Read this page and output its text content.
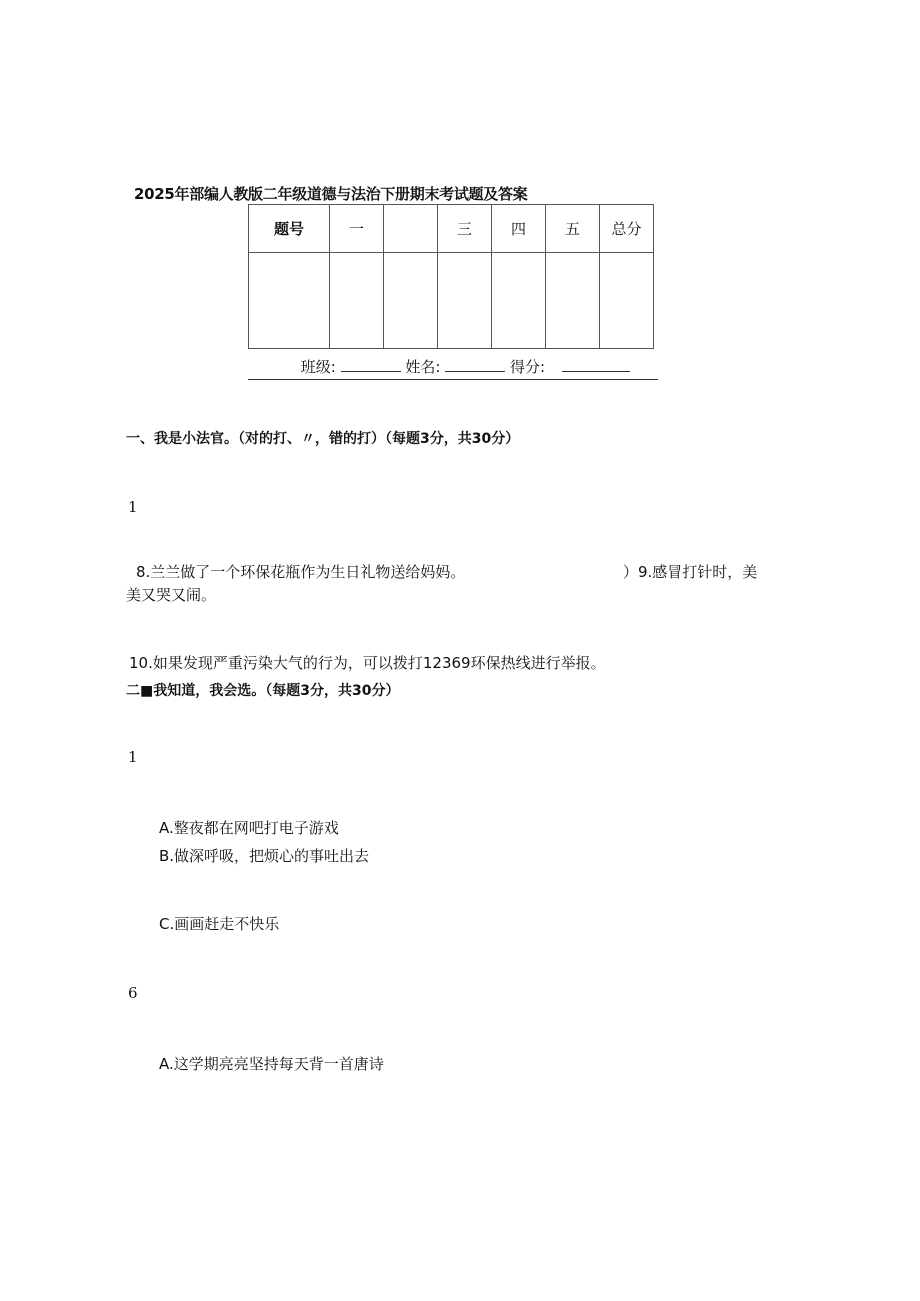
2025年部编人教版二年级道德与法治下册期末考试题及答案
题号	一		三	四	五	总分

班级:	姓名:	得分:
一、我是小法官。（对的打、〃，错的打）（每题3分，共30分）
1
8.兰兰做了一个环保花瓶作为生日礼物送给妈妈。	）9.感冒打针时，美
美又哭又闹。
10.如果发现严重污染大气的行为，可以拨打12369环保热线进行举报。
二■我知道，我会选。（每题3分，共30分）
1
A.整夜都在网吧打电子游戏
B.做深呼吸，把烦心的事吐出去
C.画画赶走不快乐
6
A.这学期亮亮坚持每天背一首唐诗
